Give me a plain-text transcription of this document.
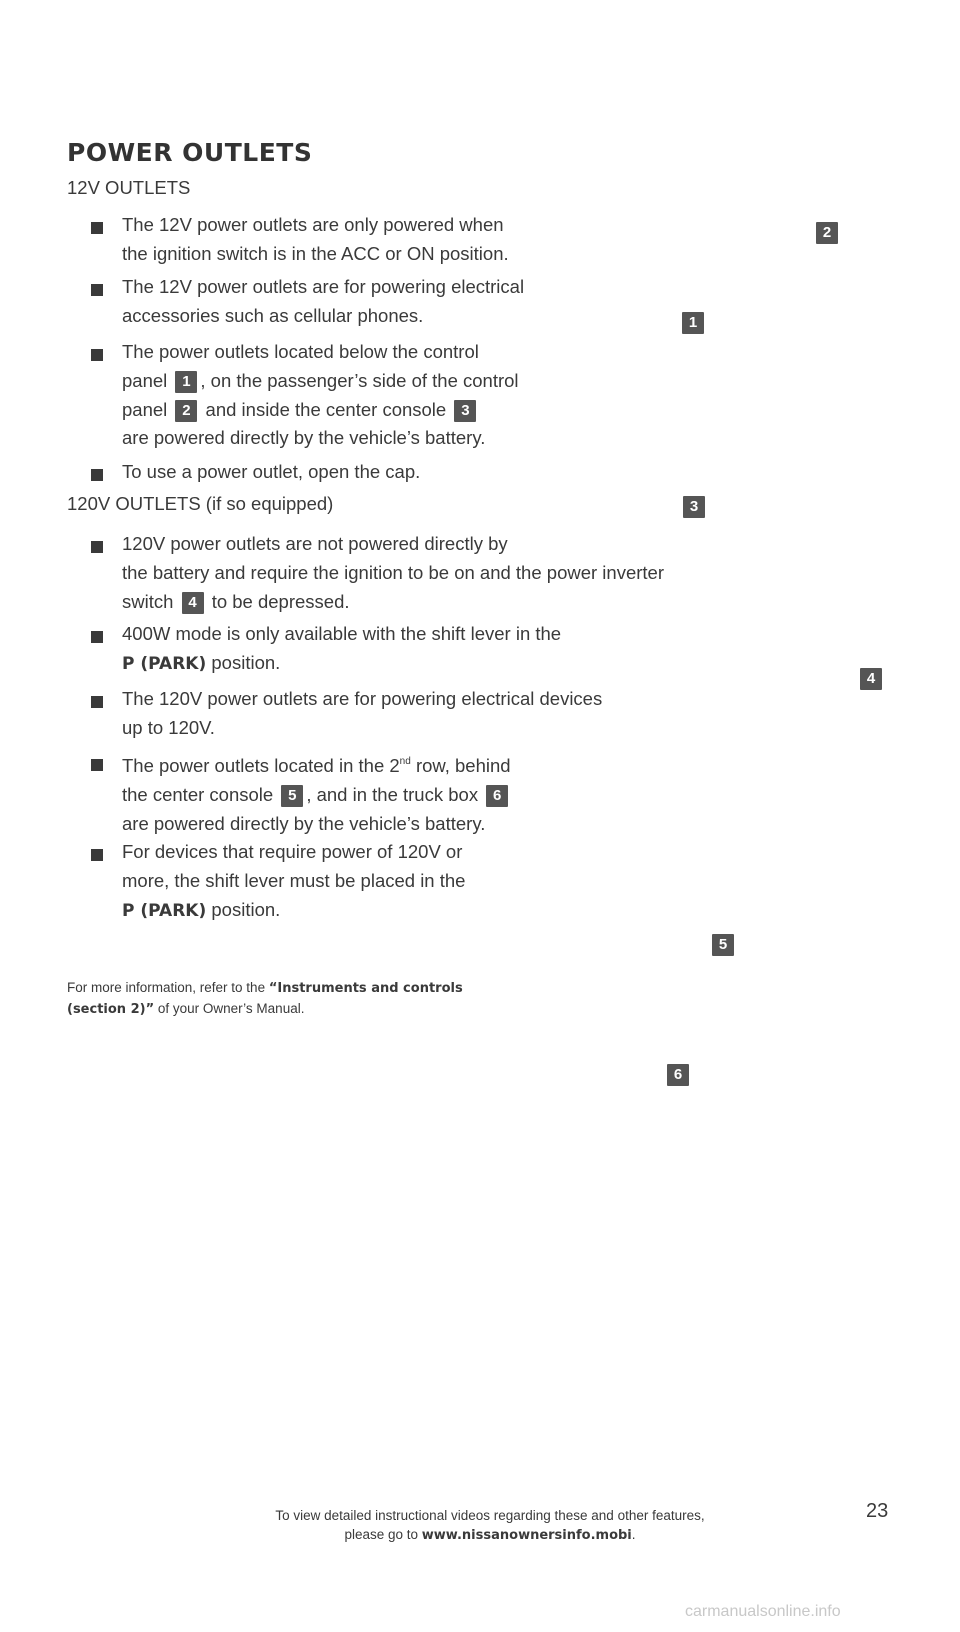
POWER OUTLETS
12V OUTLETS
The 12V power outlets are only powered when
the ignition switch is in the ACC or ON position.
The 12V power outlets are for powering electrical
accessories such as cellular phones.
The power outlets located below the control
panel 1 , on the passenger’s side of the control
panel 2 and inside the center console 3
are powered directly by the vehicle’s battery.
To use a power outlet, open the cap.
120V OUTLETS (if so equipped)
120V power outlets are not powered directly by
the battery and require the ignition to be on and the power inverter
switch 4 to be depressed.
400W mode is only available with the shift lever in the
P (PARK) position.
The 120V power outlets are for powering electrical devices
up to 120V.
The power outlets located in the 2nd row, behind
the center console 5 , and in the truck box 6
are powered directly by the vehicle’s battery.
For devices that require power of 120V or
more, the shift lever must be placed in the
P (PARK) position.
For more information, refer to the “Instruments and controls
(section 2)” of your Owner’s Manual.
2
1
3
4
5
6
To view detailed instructional videos regarding these and other features,
please go to www.nissanownersinfo.mobi.
23
carmanualsonline.info
